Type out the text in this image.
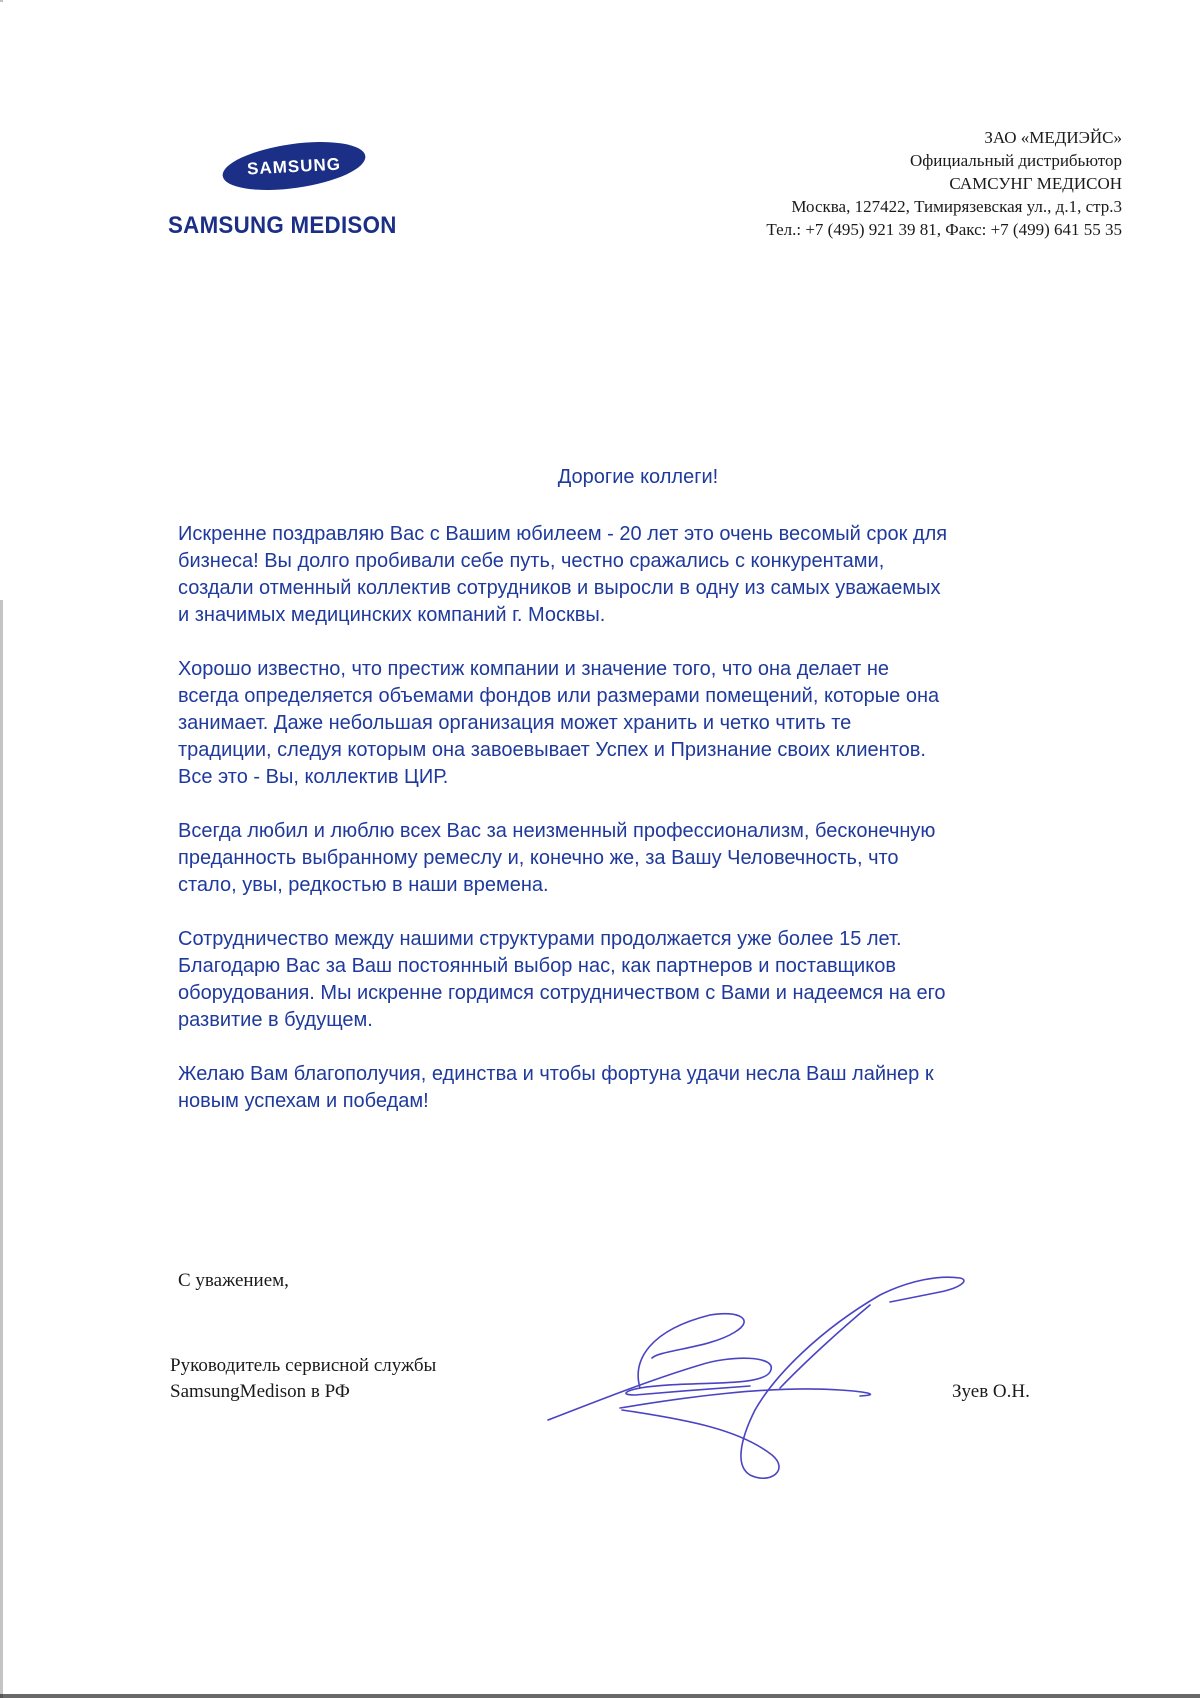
SAMSUNG
SAMSUNG MEDISON
ЗАО «МЕДИЭЙС»
Официальный дистрибьютор
САМСУНГ МЕДИСОН
Москва, 127422, Тимирязевская ул., д.1, стр.3
Тел.: +7 (495) 921 39 81, Факс: +7 (499) 641 55 35
Дорогие коллеги!

Искренне поздравляю Вас с Вашим юбилеем - 20 лет это очень весомый срок для
бизнеса! Вы долго пробивали себе путь, честно сражались с конкурентами,
создали отменный коллектив сотрудников и выросли в одну из самых уважаемых
и значимых медицинских компаний г. Москвы.

Хорошо известно, что престиж компании и значение того, что она делает не
всегда определяется объемами фондов или размерами помещений, которые она
занимает. Даже небольшая организация может хранить и четко чтить те
традиции, следуя которым она завоевывает Успех и Признание своих клиентов.
Все это - Вы, коллектив ЦИР.

Всегда любил и люблю всех Вас за неизменный профессионализм, бесконечную
преданность выбранному ремеслу и, конечно же, за Вашу Человечность, что
стало, увы, редкостью в наши времена.

Сотрудничество между нашими структурами продолжается уже более 15 лет.
Благодарю Вас за Ваш постоянный выбор нас, как партнеров и поставщиков
оборудования. Мы искренне гордимся сотрудничеством с Вами и надеемся на его
развитие в будущем.

Желаю Вам благополучия, единства и чтобы фортуна удачи несла Ваш лайнер к
новым успехам и победам!

С уважением,
Руководитель сервисной службы
SamsungMedison в РФ	Зуев О.Н.
